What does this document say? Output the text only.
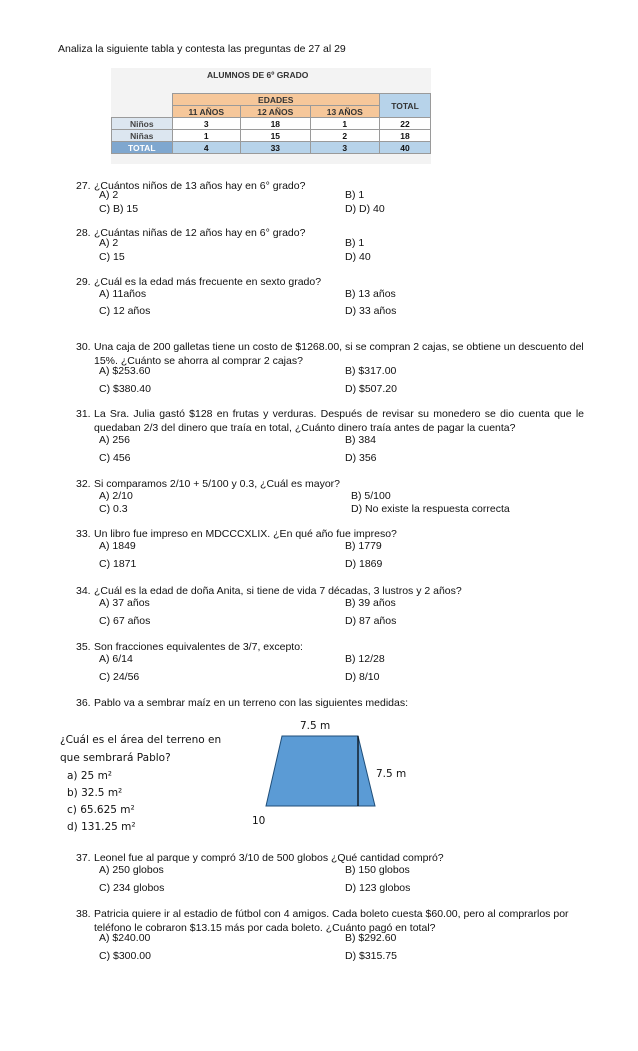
Analiza la siguiente tabla y contesta las preguntas de 27 al 29
ALUMNOS DE 6º GRADO
	EDADES			TOTAL
	11 AÑOS	12 AÑOS	13 AÑOS	
Niños	3	18	1	22
Niñas	1	15	2	18
TOTAL	4	33	3	40
27. ¿Cuántos niños de 13 años hay en 6° grado?
A) 2	B) 1
C) B) 15	D) D) 40
28. ¿Cuántas niñas de 12 años hay en 6° grado?
A) 2	B) 1
C) 15	D) 40
29. ¿Cuál es la edad más frecuente en sexto grado?
A) 11años	B) 13 años
C) 12 años	D) 33 años
30. Una caja de 200 galletas tiene un costo de $1268.00, si se compran 2 cajas, se obtiene un descuento del 15%. ¿Cuánto se ahorra al comprar 2 cajas?
A) $253.60	B) $317.00
C) $380.40	D) $507.20
31. La Sra. Julia gastó $128 en frutas y verduras. Después de revisar su monedero se dio cuenta que le quedaban 2/3 del dinero que traía en total, ¿Cuánto dinero traía antes de pagar la cuenta?
A) 256	B) 384
C) 456	D) 356
32. Si comparamos 2/10 + 5/100 y 0.3, ¿Cuál es mayor?
A) 2/10	B) 5/100
C) 0.3	D) No existe la respuesta correcta
33. Un libro fue impreso en MDCCCXLIX. ¿En qué año fue impreso?
A) 1849	B) 1779
C) 1871	D) 1869
34. ¿Cuál es la edad de doña Anita, si tiene de vida 7 décadas, 3 lustros y 2 años?
A) 37 años	B) 39 años
C) 67 años	D) 87 años
35. Son fracciones equivalentes de 3/7, excepto:
A) 6/14	B) 12/28
C) 24/56	D) 8/10
36. Pablo va a sembrar maíz en un terreno con las siguientes medidas:
¿Cuál es el área del terreno en que sembrará Pablo?
a) 25 m²
b) 32.5 m²
c) 65.625 m²
d) 131.25 m²
7.5 m
7.5 m
10
37. Leonel fue al parque y compró 3/10 de 500 globos ¿Qué cantidad compró?
A) 250 globos	B) 150 globos
C) 234 globos	D) 123 globos
38. Patricia quiere ir al estadio de fútbol con 4 amigos. Cada boleto cuesta $60.00, pero al comprarlos por teléfono le cobraron $13.15 más por cada boleto. ¿Cuánto pagó en total?
A) $240.00	B) $292.60
C) $300.00	D) $315.75
